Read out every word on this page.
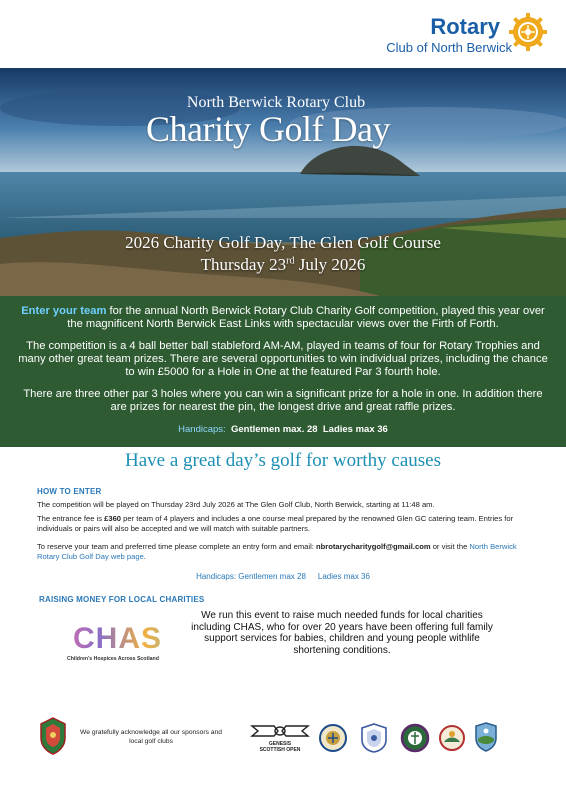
Rotary
Club of North Berwick
North Berwick Rotary Club
Charity Golf Day
2026 Charity Golf Day, The Glen Golf Course
Thursday 23rd July 2026

Enter your team for the annual North Berwick Rotary Club Charity Golf competition, played this year over the magnificent North Berwick East Links with spectacular views over the Firth of Forth.

The competition is a 4 ball better ball stableford AM-AM, played in teams of four for Rotary Trophies and many other great team prizes. There are several opportunities to win individual prizes, including the chance to win £5000 for a Hole in One at the featured Par 3 fourth hole.

There are three other par 3 holes where you can win a significant prize for a hole in one. In addition there are prizes for nearest the pin, the longest drive and great raffle prizes.

Handicaps: Gentlemen max. 28 Ladies max 36

Have a great day’s golf for worthy causes
HOW TO ENTER
The competition will be played on Thursday 23rd July 2026 at The Glen Golf Club, North Berwick, starting at 11:48 am.
The entrance fee is £360 per team of 4 players and includes a one course meal prepared by the renowned Glen GC catering team. Entries for individuals or pairs will also be accepted and we will match with suitable partners.
To reserve your team and preferred time please complete an entry form and email: nbrotarycharitygolf@gmail.com or visit the North Berwick Rotary Club Golf Day web page.
Handicaps: Gentlemen max 28 Ladies max 36
RAISING MONEY FOR LOCAL CHARITIES
CHAS
Children’s Hospices Across Scotland
We run this event to raise much needed funds for local charities including CHAS, who for over 20 years have been offering full family support services for babies, children and young people withlife shortening conditions.
We gratefully acknowledge all our sponsors and local golf clubs	GENESIS
SCOTTISH OPEN
